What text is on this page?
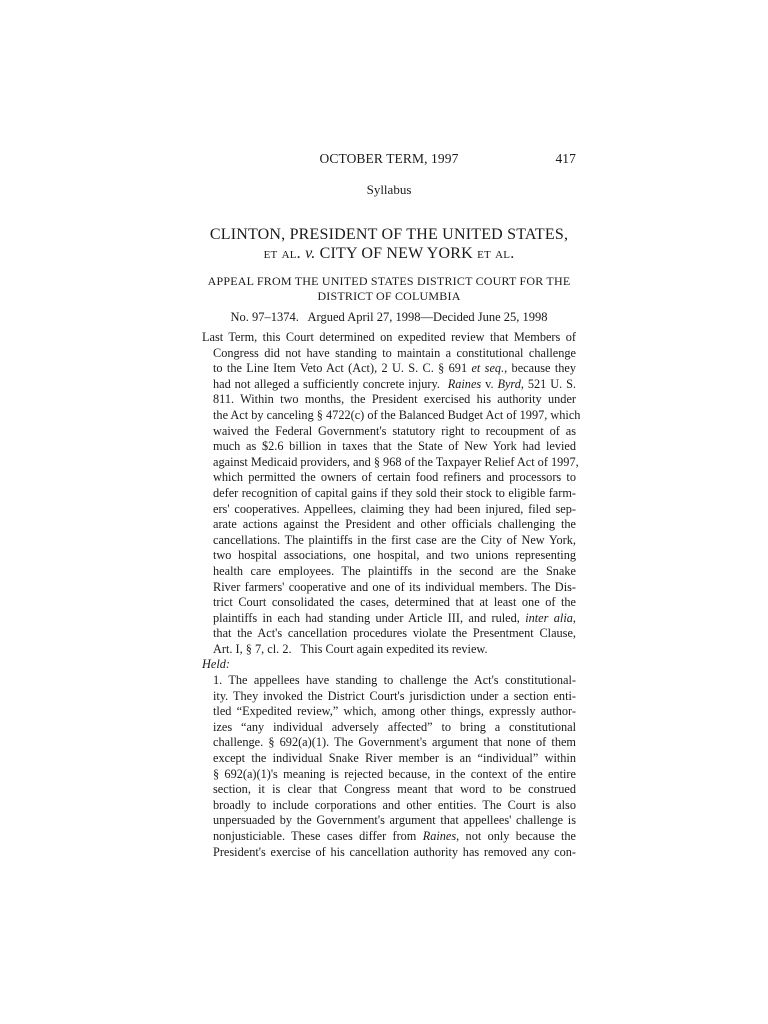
OCTOBER TERM, 1997	417
Syllabus
CLINTON, PRESIDENT OF THE UNITED STATES,
et al. v. CITY OF NEW YORK et al.
APPEAL FROM THE UNITED STATES DISTRICT COURT FOR THE
DISTRICT OF COLUMBIA
No. 97–1374.   Argued April 27, 1998—Decided June 25, 1998
Last Term, this Court determined on expedited review that Members of
Congress did not have standing to maintain a constitutional challenge
to the Line Item Veto Act (Act), 2 U. S. C. § 691 et seq., because they
had not alleged a sufficiently concrete injury.  Raines v. Byrd, 521 U. S.
811. Within two months, the President exercised his authority under
the Act by canceling § 4722(c) of the Balanced Budget Act of 1997, which
waived the Federal Government's statutory right to recoupment of as
much as $2.6 billion in taxes that the State of New York had levied
against Medicaid providers, and § 968 of the Taxpayer Relief Act of 1997,
which permitted the owners of certain food refiners and processors to
defer recognition of capital gains if they sold their stock to eligible farm-
ers' cooperatives. Appellees, claiming they had been injured, filed sep-
arate actions against the President and other officials challenging the
cancellations. The plaintiffs in the first case are the City of New York,
two hospital associations, one hospital, and two unions representing
health care employees. The plaintiffs in the second are the Snake
River farmers' cooperative and one of its individual members. The Dis-
trict Court consolidated the cases, determined that at least one of the
plaintiffs in each had standing under Article III, and ruled, inter alia,
that the Act's cancellation procedures violate the Presentment Clause,
Art. I, § 7, cl. 2.   This Court again expedited its review.
Held:
1. The appellees have standing to challenge the Act's constitutional-
ity. They invoked the District Court's jurisdiction under a section enti-
tled “Expedited review,” which, among other things, expressly author-
izes “any individual adversely affected” to bring a constitutional
challenge. § 692(a)(1). The Government's argument that none of them
except the individual Snake River member is an “individual” within
§ 692(a)(1)'s meaning is rejected because, in the context of the entire
section, it is clear that Congress meant that word to be construed
broadly to include corporations and other entities. The Court is also
unpersuaded by the Government's argument that appellees' challenge is
nonjusticiable. These cases differ from Raines, not only because the
President's exercise of his cancellation authority has removed any con-
